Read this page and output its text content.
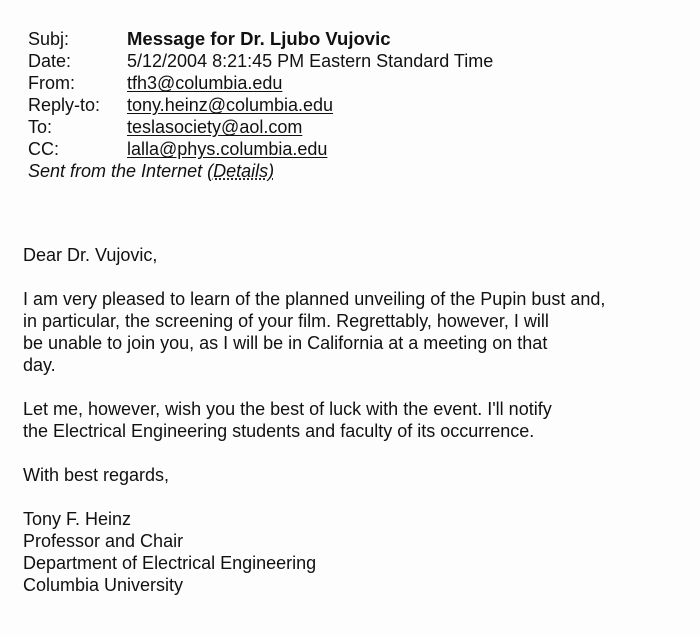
Subj:	Message for Dr. Ljubo Vujovic
Date:	5/12/2004 8:21:45 PM Eastern Standard Time
From:	tfh3@columbia.edu
Reply-to:	tony.heinz@columbia.edu
To:	teslasociety@aol.com
CC:	lalla@phys.columbia.edu
Sent from the Internet (Details)

Dear Dr. Vujovic,

I am very pleased to learn of the planned unveiling of the Pupin bust and,
in particular, the screening of your film. Regrettably, however, I will
be unable to join you, as I will be in California at a meeting on that
day.

Let me, however, wish you the best of luck with the event. I'll notify
the Electrical Engineering students and faculty of its occurrence.

With best regards,

Tony F. Heinz
Professor and Chair
Department of Electrical Engineering
Columbia University
